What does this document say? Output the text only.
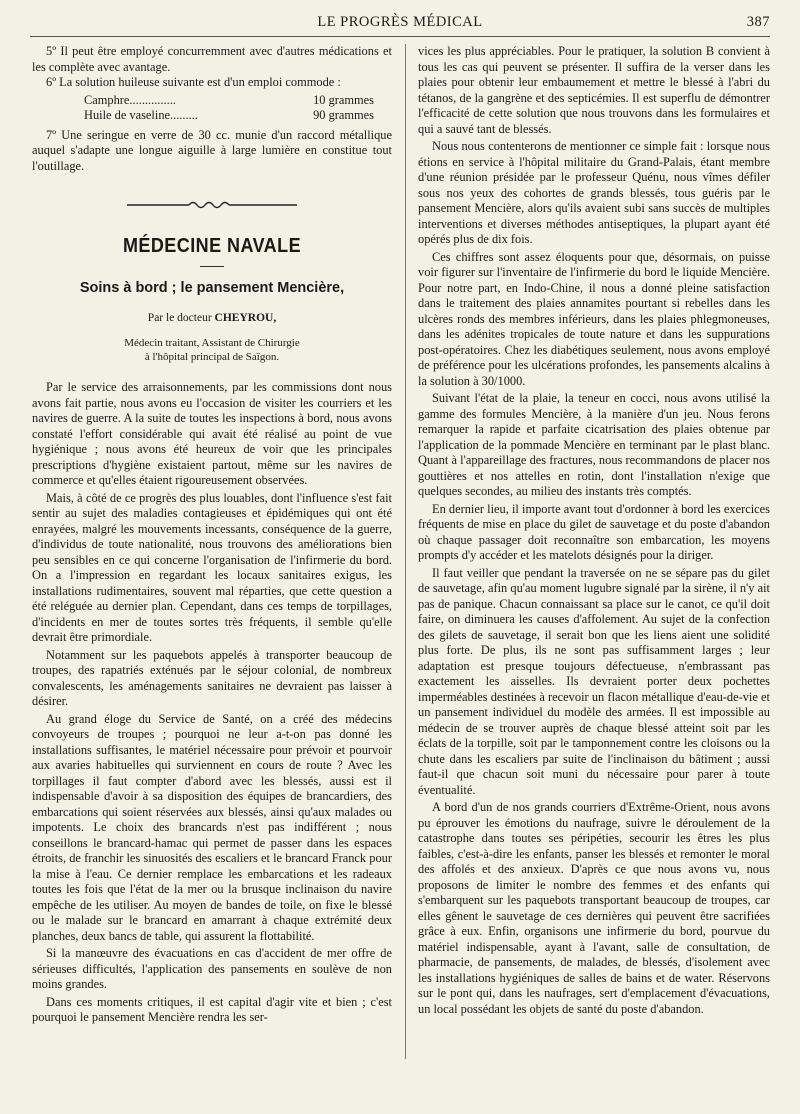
LE PROGRÈS MÉDICAL	387

5º Il peut être employé concurremment avec d'autres médications et les complète avec avantage.

6º La solution huileuse suivante est d'un emploi commode :

Camphre ...............	10 grammes
Huile de vaseline .........	90 grammes

7º Une seringue en verre de 30 cc. munie d'un raccord métallique auquel s'adapte une longue aiguille à large lumière en constitue tout l'outillage.

MÉDECINE NAVALE
Soins à bord ; le pansement Mencière,
Par le docteur CHEYROU,
Médecin traitant, Assistant de Chirurgie
à l'hôpital principal de Saïgon.

Par le service des arraisonnements, par les commissions dont nous avons fait partie, nous avons eu l'occasion de visiter les courriers et les navires de guerre. A la suite de toutes les inspections à bord, nous avons constaté l'effort considérable qui avait été réalisé au point de vue hygiénique ; nous avons été heureux de voir que les principales prescriptions d'hygiène existaient partout, même sur les navires de commerce et qu'elles étaient rigoureusement observées.

Mais, à côté de ce progrès des plus louables, dont l'influence s'est fait sentir au sujet des maladies contagieuses et épidémiques qui ont été enrayées, malgré les mouvements incessants, conséquence de la guerre, d'individus de toute nationalité, nous trouvons des améliorations bien peu sensibles en ce qui concerne l'organisation de l'infirmerie du bord. On a l'impression en regardant les locaux sanitaires exigus, les installations rudimentaires, souvent mal réparties, que cette question a été reléguée au dernier plan. Cependant, dans ces temps de torpillages, d'incidents en mer de toutes sortes très fréquents, il semble qu'elle devrait être primordiale.

Notamment sur les paquebots appelés à transporter beaucoup de troupes, des rapatriés exténués par le séjour colonial, de nombreux convalescents, les aménagements sanitaires ne devraient pas laisser à désirer.

Au grand éloge du Service de Santé, on a créé des médecins convoyeurs de troupes ; pourquoi ne leur a-t-on pas donné les installations suffisantes, le matériel nécessaire pour prévoir et pourvoir aux avaries habituelles qui surviennent en cours de route ? Avec les torpillages il faut compter d'abord avec les blessés, aussi est il indispensable d'avoir à sa disposition des équipes de brancardiers, des embarcations qui soient réservées aux blessés, ainsi qu'aux malades ou impotents. Le choix des brancards n'est pas indifférent ; nous conseillons le brancard-hamac qui permet de passer dans les espaces étroits, de franchir les sinuosités des escaliers et le brancard Franck pour la mise à l'eau. Ce dernier remplace les embarcations et les radeaux toutes les fois que l'état de la mer ou la brusque inclinaison du navire empêche de les utiliser. Au moyen de bandes de toile, on fixe le blessé ou le malade sur le brancard en amarrant à chaque extrémité deux planches, deux bancs de table, qui assurent la flottabilité.

Si la manœuvre des évacuations en cas d'accident de mer offre de sérieuses difficultés, l'application des pansements en soulève de non moins grandes.

Dans ces moments critiques, il est capital d'agir vite et bien ; c'est pourquoi le pansement Mencière rendra les ser-

vices les plus appréciables. Pour le pratiquer, la solution B convient à tous les cas qui peuvent se présenter. Il suffira de la verser dans les plaies pour obtenir leur embaumement et mettre le blessé à l'abri du tétanos, de la gangrène et des septicémies. Il est superflu de démontrer l'efficacité de cette solution que nous trouvons dans les formulaires et qui a sauvé tant de blessés.

Nous nous contenterons de mentionner ce simple fait : lorsque nous étions en service à l'hôpital militaire du Grand-Palais, étant membre d'une réunion présidée par le professeur Quénu, nous vîmes défiler sous nos yeux des cohortes de grands blessés, tous guéris par le pansement Mencière, alors qu'ils avaient subi sans succès de multiples interventions et diverses méthodes antiseptiques, la plupart ayant été opérés plus de dix fois.

Ces chiffres sont assez éloquents pour que, désormais, on puisse voir figurer sur l'inventaire de l'infirmerie du bord le liquide Mencière. Pour notre part, en Indo-Chine, il nous a donné pleine satisfaction dans le traitement des plaies annamites pourtant si rebelles dans les ulcères ronds des membres inférieurs, dans les plaies phlegmoneuses, dans les adénites tropicales de toute nature et dans les suppurations post-opératoires. Chez les diabétiques seulement, nous avons employé de préférence pour les ulcérations profondes, les pansements alcalins à la solution à 30/1000.

Suivant l'état de la plaie, la teneur en cocci, nous avons utilisé la gamme des formules Mencière, à la manière d'un jeu. Nous ferons remarquer la rapide et parfaite cicatrisation des plaies obtenue par l'application de la pommade Mencière en terminant par le plast blanc. Quant à l'appareillage des fractures, nous recommandons de placer nos gouttières et nos attelles en rotin, dont l'installation n'exige que quelques secondes, au milieu des instants très comptés.

En dernier lieu, il importe avant tout d'ordonner à bord les exercices fréquents de mise en place du gilet de sauvetage et du poste d'abandon où chaque passager doit reconnaître son embarcation, les moyens prompts d'y accéder et les matelots désignés pour la diriger.

Il faut veiller que pendant la traversée on ne se sépare pas du gilet de sauvetage, afin qu'au moment lugubre signalé par la sirène, il n'y ait pas de panique. Chacun connaissant sa place sur le canot, ce qu'il doit faire, on diminuera les causes d'affolement. Au sujet de la confection des gilets de sauvetage, il serait bon que les liens aient une solidité plus forte. De plus, ils ne sont pas suffisamment larges ; leur adaptation est presque toujours défectueuse, n'embrassant pas exactement les aisselles. Ils devraient porter deux pochettes imperméables destinées à recevoir un flacon métallique d'eau-de-vie et un pansement individuel du modèle des armées. Il est impossible au médecin de se trouver auprès de chaque blessé atteint soit par les éclats de la torpille, soit par le tamponnement contre les cloisons ou la chute dans les escaliers par suite de l'inclinaison du bâtiment ; aussi faut-il que chacun soit muni du nécessaire pour parer à toute éventualité.

A bord d'un de nos grands courriers d'Extrême-Orient, nous avons pu éprouver les émotions du naufrage, suivre le déroulement de la catastrophe dans toutes ses péripéties, secourir les êtres les plus faibles, c'est-à-dire les enfants, panser les blessés et remonter le moral des affolés et des anxieux. D'après ce que nous avons vu, nous proposons de limiter le nombre des femmes et des enfants qui s'embarquent sur les paquebots transportant beaucoup de troupes, car elles gênent le sauvetage de ces dernières qui peuvent être sacrifiées grâce à eux. Enfin, organisons une infirmerie du bord, pourvue du matériel indispensable, ayant à l'avant, salle de consultation, de pharmacie, de pansements, de malades, de blessés, d'isolement avec les installations hygiéniques de salles de bains et de water. Réservons sur le pont qui, dans les naufrages, sert d'emplacement d'évacuations, un local possédant les objets de santé du poste d'abandon.
